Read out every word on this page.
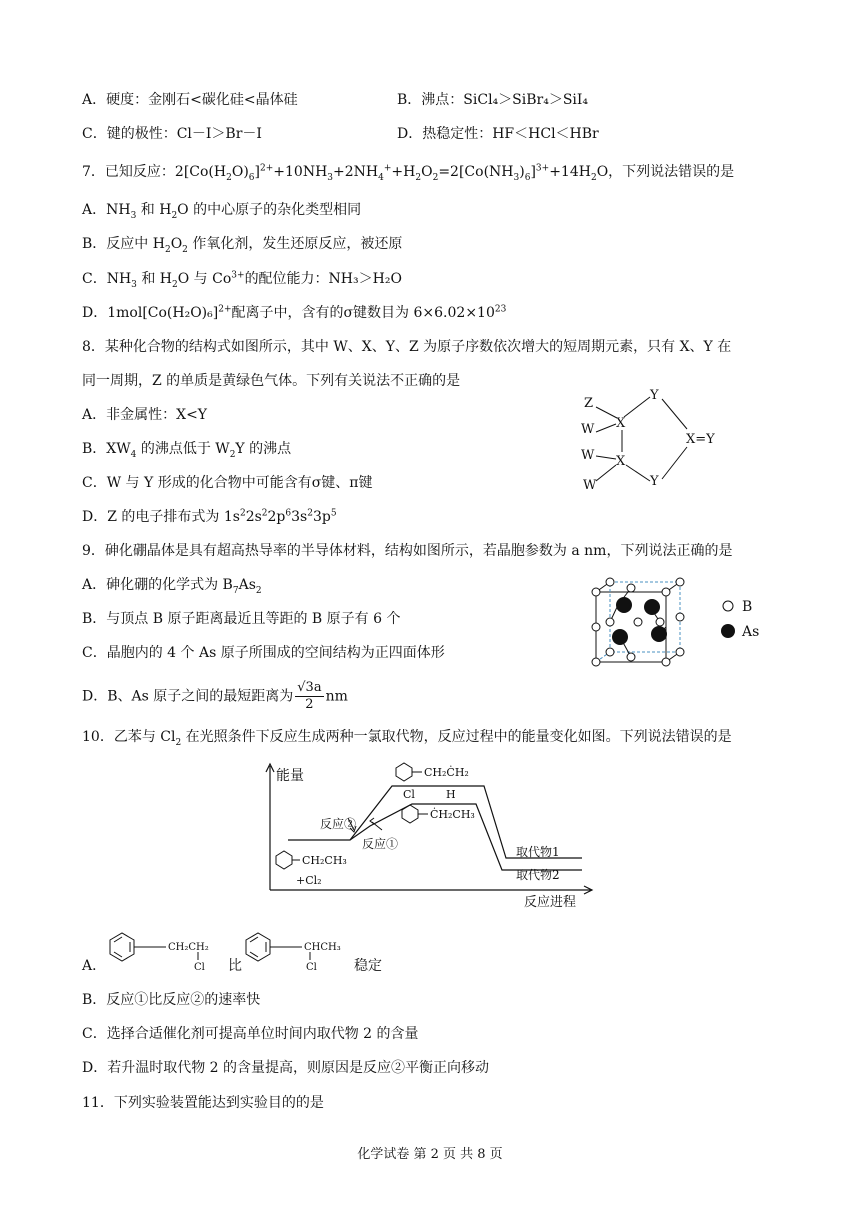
A．硬度：金刚石<碳化硅<晶体硅	B．沸点：SiCl₄＞SiBr₄＞SiI₄
C．键的极性：Cl－I＞Br－I	D．热稳定性：HF＜HCl＜HBr
7．已知反应：$2[Co(H_2O)_6]^{2+}+10NH_3+2NH_4^++H_2O_2=2[Co(NH_3)_6]^{3+}+14H_2O$，下列说法错误的是
A．$NH_3$ 和 $H_2O$ 的中心原子的杂化类型相同
B．反应中 $H_2O_2$ 作氧化剂，发生还原反应，被还原
C．$NH_3$ 和 $H_2O$ 与 $Co^{3+}$的配位能力：NH₃＞H₂O
D．$1mol[Co(H_2O)_6]^{2+}$配离子中，含有的σ键数目为 $6\times 6.02\times 10^{23}$
8．某种化合物的结构式如图所示，其中 W、X、Y、Z 为原子序数依次增大的短周期元素，只有 X、Y 在
同一周期，Z 的单质是黄绿色气体。下列有关说法不正确的是
A．非金属性：X<Y
B．$XW_4$ 的沸点低于 $W_2Y$ 的沸点
C．W 与 Y 形成的化合物中可能含有σ键、π键
D．Z 的电子排布式为 $1s^22s^22p^63s^23p^5$
Z
Y
X
W
X=Y
W X
W	Y
9．砷化硼晶体是具有超高热导率的半导体材料，结构如图所示，若晶胞参数为 a nm，下列说法正确的是
A．砷化硼的化学式为 $B_7As_2$
B．与顶点 B 原子距离最近且等距的 B 原子有 6 个
C．晶胞内的 4 个 As 原子所围成的空间结构为正四面体形
D．B、As 原子之间的最短距离为 $\frac{√3a}{2}$ nm
B
As
10．乙苯与 $Cl_2$ 在光照条件下反应生成两种一氯取代物，反应过程中的能量变化如图。下列说法错误的是
能量
反应进程
反应②
反应①
取代物1
取代物2
CH₂CH₃
+Cl₂
CH₂ĊH₂
Cl	H
ĊH₂CH₃
A．
CH₂CH₂
Cl 比
CHCH₃
Cl	稳定
B．反应①比反应②的速率快
C．选择合适催化剂可提高单位时间内取代物 2 的含量
D．若升温时取代物 2 的含量提高，则原因是反应②平衡正向移动
11．下列实验装置能达到实验目的的是
化学试卷 第 2 页 共 8 页
